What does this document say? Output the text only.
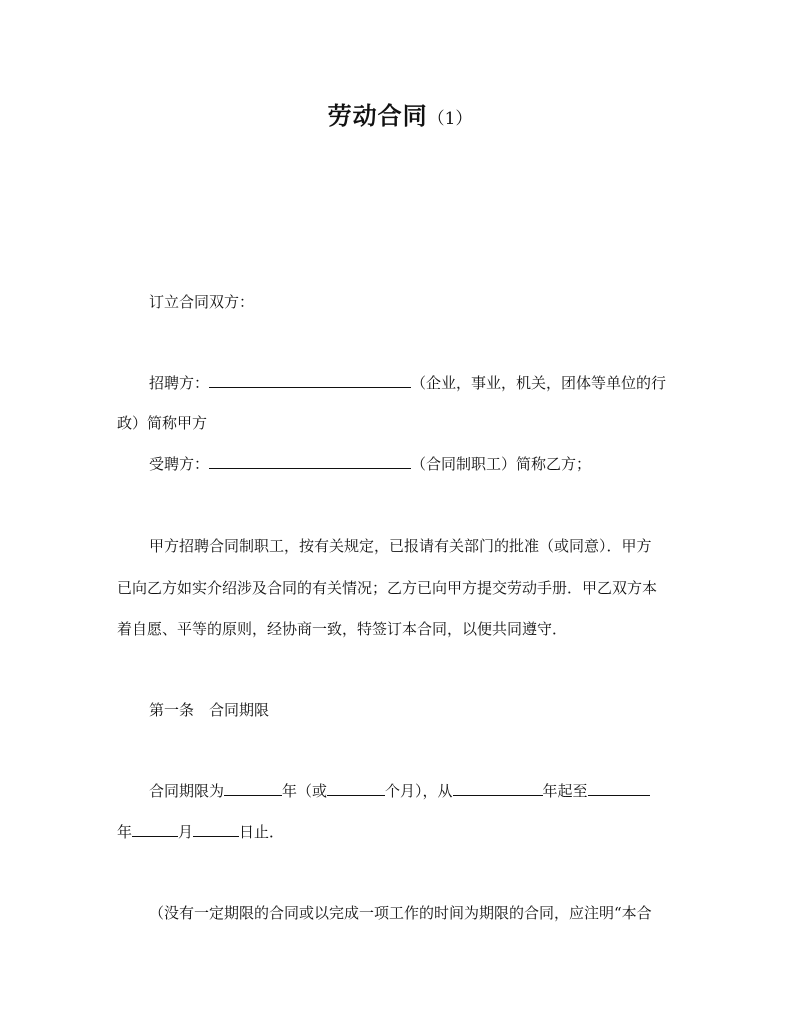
劳动合同（1）
订立合同双方：
招聘方：	（企业，事业，机关，团体等单位的行
政）简称甲方
受聘方：	（合同制职工）简称乙方；
甲方招聘合同制职工，按有关规定，已报请有关部门的批准（或同意）．甲方
已向乙方如实介绍涉及合同的有关情况；乙方已向甲方提交劳动手册．甲乙双方本
着自愿、平等的原则，经协商一致，特签订本合同，以便共同遵守．
第一条　合同期限
合同期限为	年（或	个月），从	年起至
年	月	日止．
（没有一定期限的合同或以完成一项工作的时间为期限的合同，应注明“本合
